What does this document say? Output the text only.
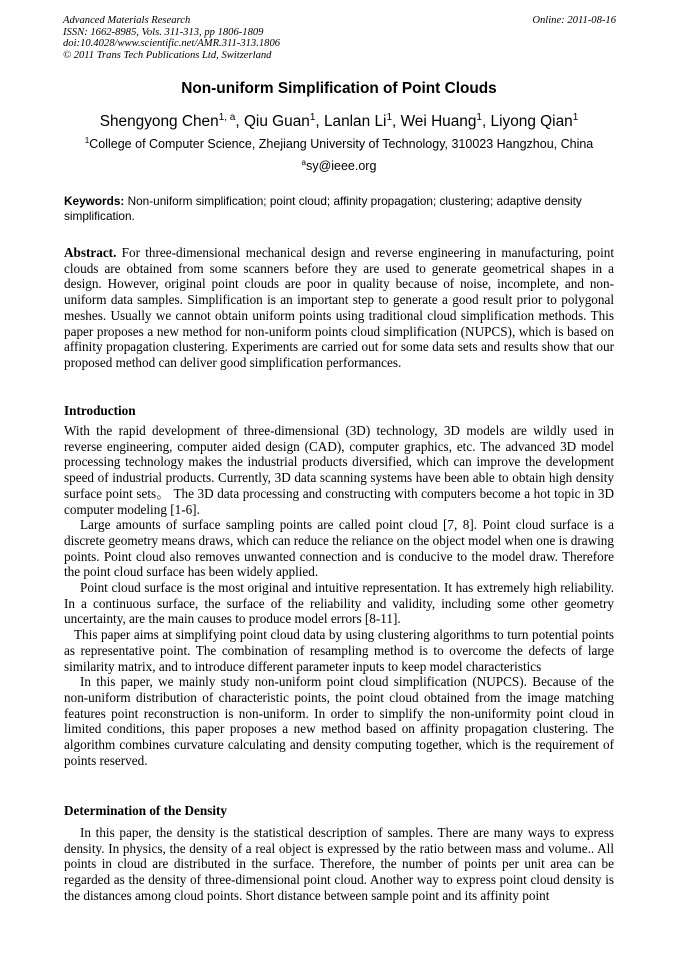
Advanced Materials Research
ISSN: 1662-8985, Vols. 311-313, pp 1806-1809
doi:10.4028/www.scientific.net/AMR.311-313.1806
© 2011 Trans Tech Publications Ltd, Switzerland
Online: 2011-08-16
Non-uniform Simplification of Point Clouds
Shengyong Chen$^{1, a}$, Qiu Guan$^1$, Lanlan Li$^1$, Wei Huang$^1$, Liyong Qian$^1$
$^1$College of Computer Science, Zhejiang University of Technology, 310023 Hangzhou, China
$^a$sy@ieee.org
Keywords: Non-uniform simplification; point cloud; affinity propagation; clustering; adaptive density simplification.
Abstract. For three-dimensional mechanical design and reverse engineering in manufacturing, point clouds are obtained from some scanners before they are used to generate geometrical shapes in a design. However, original point clouds are poor in quality because of noise, incomplete, and non-uniform data samples. Simplification is an important step to generate a good result prior to polygonal meshes. Usually we cannot obtain uniform points using traditional cloud simplification methods. This paper proposes a new method for non-uniform points cloud simplification (NUPCS), which is based on affinity propagation clustering. Experiments are carried out for some data sets and results show that our proposed method can deliver good simplification performances.
Introduction

With the rapid development of three-dimensional (3D) technology, 3D models are wildly used in reverse engineering, computer aided design (CAD), computer graphics, etc. The advanced 3D model processing technology makes the industrial products diversified, which can improve the development speed of industrial products. Currently, 3D data scanning systems have been able to obtain high density surface point sets。 The 3D data processing and constructing with computers become a hot topic in 3D computer modeling [1-6].

Large amounts of surface sampling points are called point cloud [7, 8]. Point cloud surface is a discrete geometry means draws, which can reduce the reliance on the object model when one is drawing points. Point cloud also removes unwanted connection and is conducive to the model draw. Therefore the point cloud surface has been widely applied.

Point cloud surface is the most original and intuitive representation. It has extremely high reliability. In a continuous surface, the surface of the reliability and validity, including some other geometry uncertainty, are the main causes to produce model errors [8-11].

This paper aims at simplifying point cloud data by using clustering algorithms to turn potential points as representative point. The combination of resampling method is to overcome the defects of large similarity matrix, and to introduce different parameter inputs to keep model characteristics

In this paper, we mainly study non-uniform point cloud simplification (NUPCS). Because of the non-uniform distribution of characteristic points, the point cloud obtained from the image matching features point reconstruction is non-uniform. In order to simplify the non-uniformity point cloud in limited conditions, this paper proposes a new method based on affinity propagation clustering. The algorithm combines curvature calculating and density computing together, which is the requirement of points reserved.

Determination of the Density

In this paper, the density is the statistical description of samples. There are many ways to express density. In physics, the density of a real object is expressed by the ratio between mass and volume.. All points in cloud are distributed in the surface. Therefore, the number of points per unit area can be regarded as the density of three-dimensional point cloud. Another way to express point cloud density is the distances among cloud points. Short distance between sample point and its affinity point
